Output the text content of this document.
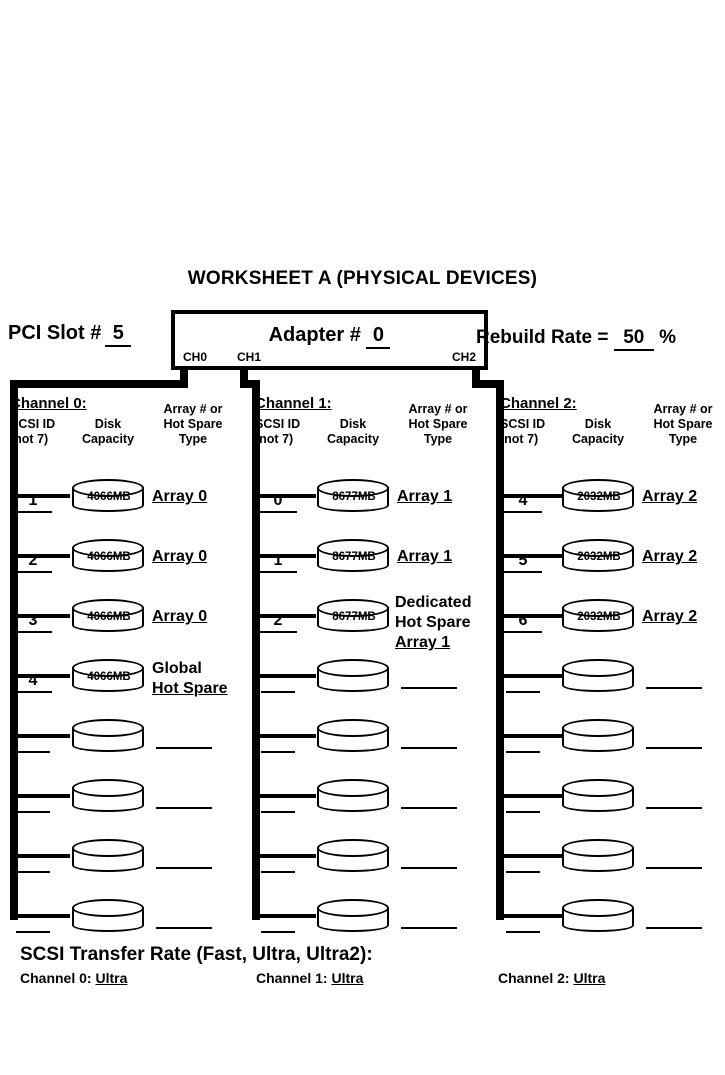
WORKSHEET A (PHYSICAL DEVICES)
PCI Slot # 5	Adapter # 0
CH0 CH1	CH2
Rebuild Rate = 50 %
Channel 0:
SCSI ID
(not 7)
Disk
Capacity
Array # or
Hot Spare
Type
1	4066MB	Array 0
2	4066MB	Array 0
3	4066MB	Array 0
4	4066MB	Global
Hot Spare
Channel 1:
SCSI ID
(not 7)
Disk
Capacity
Array # or
Hot Spare
Type
0	8677MB	Array 1
1	8677MB	Array 1
2	8677MB
Dedicated
Hot Spare
Array 1
Channel 2:
SCSI ID
(not 7)
Disk
Capacity
Array # or
Hot Spare
Type
4	2032MB	Array 2
5	2032MB	Array 2
6	2032MB	Array 2
SCSI Transfer Rate (Fast, Ultra, Ultra2):
Channel 0: Ultra	Channel 1: Ultra	Channel 2: Ultra
